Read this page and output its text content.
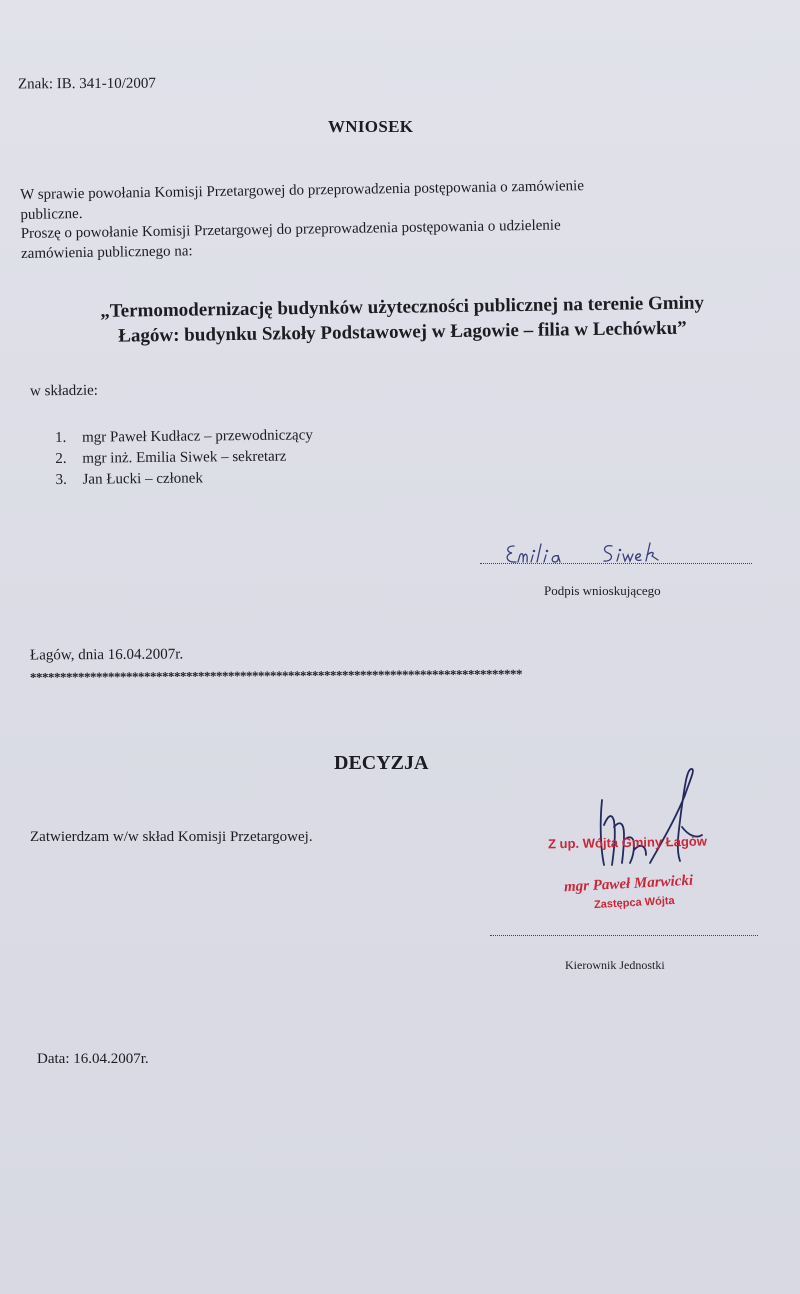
Znak: IB. 341-10/2007
WNIOSEK

W sprawie powołania Komisji Przetargowej do przeprowadzenia postępowania o zamówienie

publiczne.

Proszę o powołanie Komisji Przetargowej do przeprowadzenia postępowania o udzielenie

zamówienia publicznego na:

„Termomodernizację budynków użyteczności publicznej na terenie Gminy

Łagów: budynku Szkoły Podstawowej w Łagowie – filia w Lechówku”

w składzie:
1. mgr Paweł Kudłacz – przewodniczący
2. mgr inż. Emilia Siwek – sekretarz
3. Jan Łucki – członek
Podpis wnioskującego
Łagów, dnia 16.04.2007r.
**********************************************************************************
DECYZJA
Zatwierdzam w/w skład Komisji Przetargowej.	Z up. Wójta Gminy Łagów
mgr Paweł Marwicki
Zastępca Wójta
Kierownik Jednostki
Data: 16.04.2007r.
